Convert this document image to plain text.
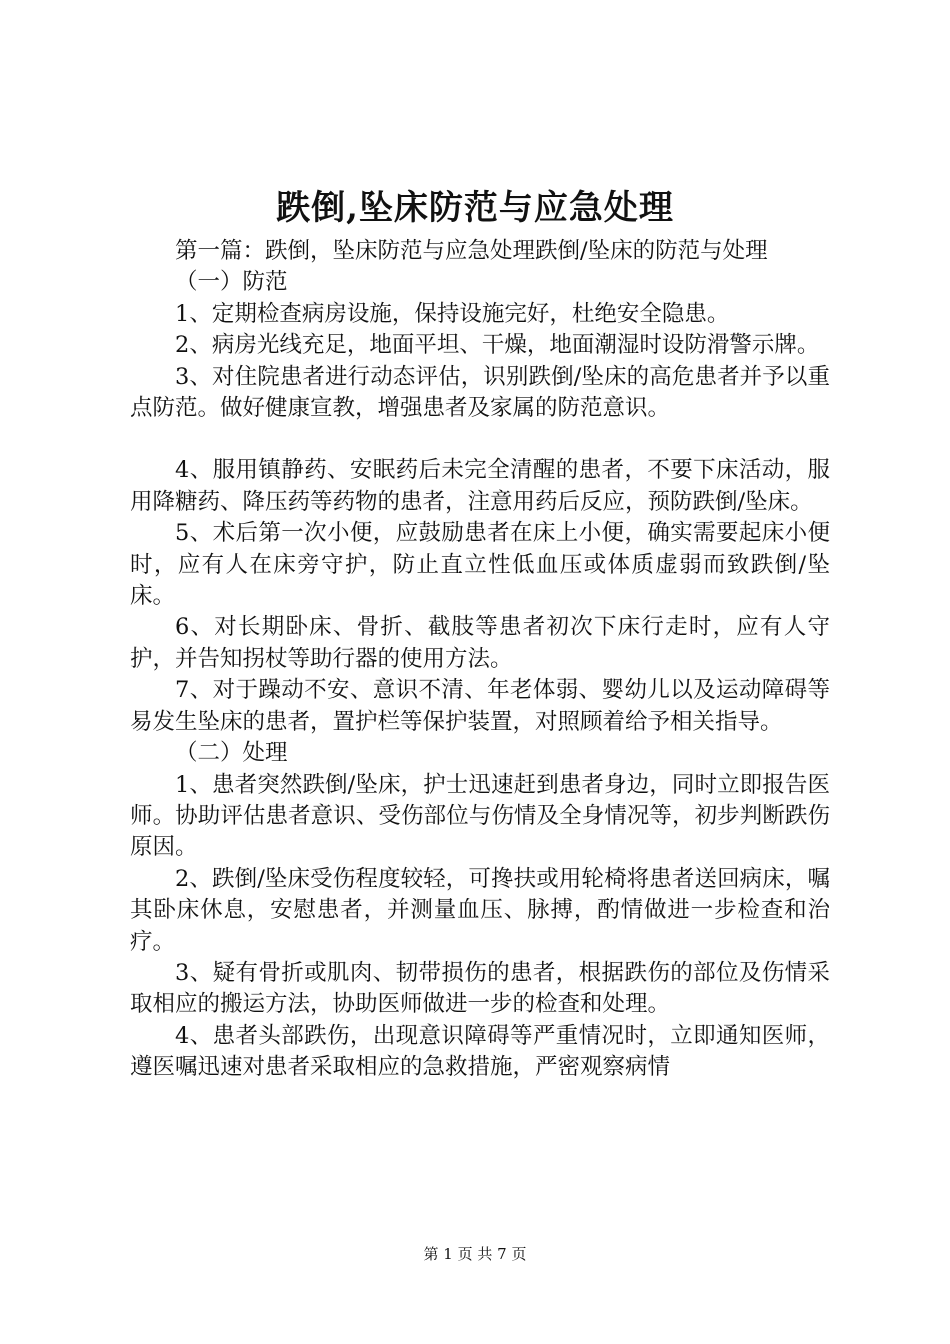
跌倒,坠床防范与应急处理

第一篇：跌倒，坠床防范与应急处理跌倒/坠床的防范与处理

（一）防范

1、定期检查病房设施，保持设施完好，杜绝安全隐患。

2、病房光线充足，地面平坦、干燥，地面潮湿时设防滑警示牌。

3、对住院患者进行动态评估，识别跌倒/坠床的高危患者并予以重点防范。做好健康宣教，增强患者及家属的防范意识。

4、服用镇静药、安眠药后未完全清醒的患者，不要下床活动，服用降糖药、降压药等药物的患者，注意用药后反应，预防跌倒/坠床。

5、术后第一次小便，应鼓励患者在床上小便，确实需要起床小便时，应有人在床旁守护，防止直立性低血压或体质虚弱而致跌倒/坠床。

6、对长期卧床、骨折、截肢等患者初次下床行走时，应有人守护，并告知拐杖等助行器的使用方法。

7、对于躁动不安、意识不清、年老体弱、婴幼儿以及运动障碍等易发生坠床的患者，置护栏等保护装置，对照顾着给予相关指导。

（二）处理

1、患者突然跌倒/坠床，护士迅速赶到患者身边，同时立即报告医师。协助评估患者意识、受伤部位与伤情及全身情况等，初步判断跌伤原因。

2、跌倒/坠床受伤程度较轻，可搀扶或用轮椅将患者送回病床，嘱其卧床休息，安慰患者，并测量血压、脉搏，酌情做进一步检查和治疗。

3、疑有骨折或肌肉、韧带损伤的患者，根据跌伤的部位及伤情采取相应的搬运方法，协助医师做进一步的检查和处理。

4、患者头部跌伤，出现意识障碍等严重情况时，立即通知医师，遵医嘱迅速对患者采取相应的急救措施，严密观察病情

第 1 页 共 7 页
